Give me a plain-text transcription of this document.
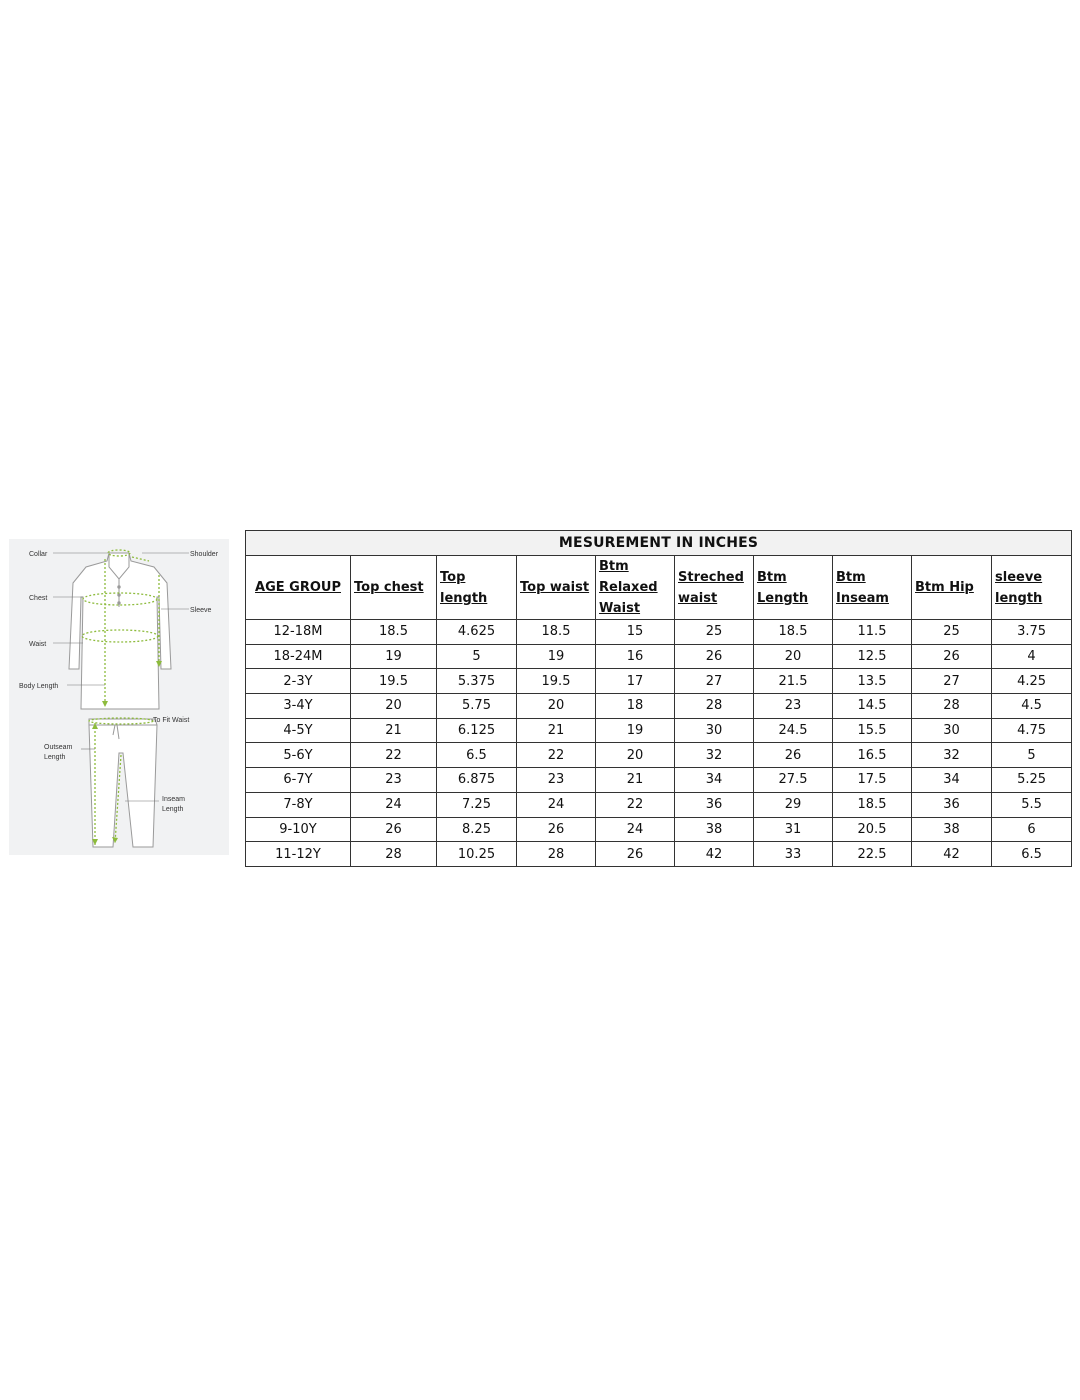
Collar	Shoulder
Chest
Sleeve
Waist
Body Length
To Fit Waist
Outseam
Length
Inseam
Length
MESUREMENT IN INCHES									
AGE GROUP	Top chest	Top length	Top waist	Btm Relaxed Waist	Streched waist	Btm Length	Btm Inseam	Btm Hip	sleeve length
12-18M	18.5	4.625	18.5	15	25	18.5	11.5	25	3.75
18-24M	19	5	19	16	26	20	12.5	26	4
2-3Y	19.5	5.375	19.5	17	27	21.5	13.5	27	4.25
3-4Y	20	5.75	20	18	28	23	14.5	28	4.5
4-5Y	21	6.125	21	19	30	24.5	15.5	30	4.75
5-6Y	22	6.5	22	20	32	26	16.5	32	5
6-7Y	23	6.875	23	21	34	27.5	17.5	34	5.25
7-8Y	24	7.25	24	22	36	29	18.5	36	5.5
9-10Y	26	8.25	26	24	38	31	20.5	38	6
11-12Y	28	10.25	28	26	42	33	22.5	42	6.5
